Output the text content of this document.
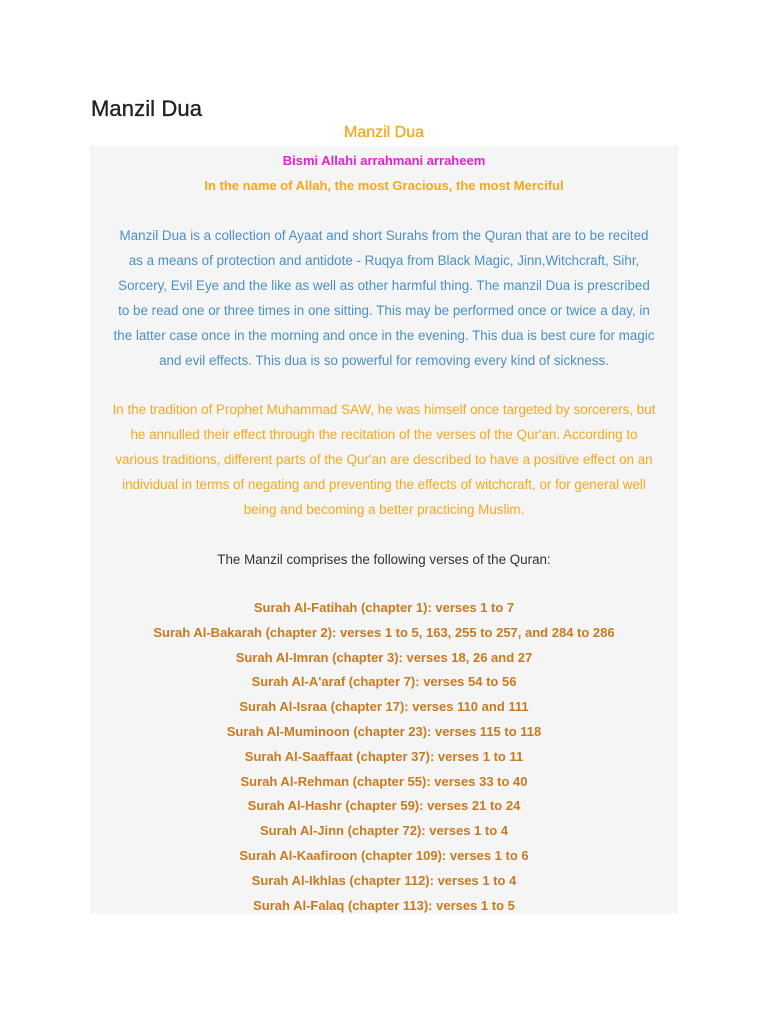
Manzil Dua
Manzil Dua
Bismi Allahi arrahmani arraheem
In the name of Allah, the most Gracious, the most Merciful

Manzil Dua is a collection of Ayaat and short Surahs from the Quran that are to be recited
as a means of protection and antidote - Ruqya from Black Magic, Jinn,Witchcraft, Sihr,
Sorcery, Evil Eye and the like as well as other harmful thing. The manzil Dua is prescribed
to be read one or three times in one sitting. This may be performed once or twice a day, in
the latter case once in the morning and once in the evening. This dua is best cure for magic
and evil effects. This dua is so powerful for removing every kind of sickness.

In the tradition of Prophet Muhammad SAW, he was himself once targeted by sorcerers, but
he annulled their effect through the recitation of the verses of the Qur'an. According to
various traditions, different parts of the Qur'an are described to have a positive effect on an
individual in terms of negating and preventing the effects of witchcraft, or for general well
being and becoming a better practicing Muslim.

The Manzil comprises the following verses of the Quran:
Surah Al-Fatihah (chapter 1): verses 1 to 7
Surah Al-Bakarah (chapter 2): verses 1 to 5, 163, 255 to 257, and 284 to 286
Surah Al-Imran (chapter 3): verses 18, 26 and 27
Surah Al-A'araf (chapter 7): verses 54 to 56
Surah Al-Israa (chapter 17): verses 110 and 111
Surah Al-Muminoon (chapter 23): verses 115 to 118
Surah Al-Saaffaat (chapter 37): verses 1 to 11
Surah Al-Rehman (chapter 55): verses 33 to 40
Surah Al-Hashr (chapter 59): verses 21 to 24
Surah Al-Jinn (chapter 72): verses 1 to 4
Surah Al-Kaafiroon (chapter 109): verses 1 to 6
Surah Al-Ikhlas (chapter 112): verses 1 to 4
Surah Al-Falaq (chapter 113): verses 1 to 5
